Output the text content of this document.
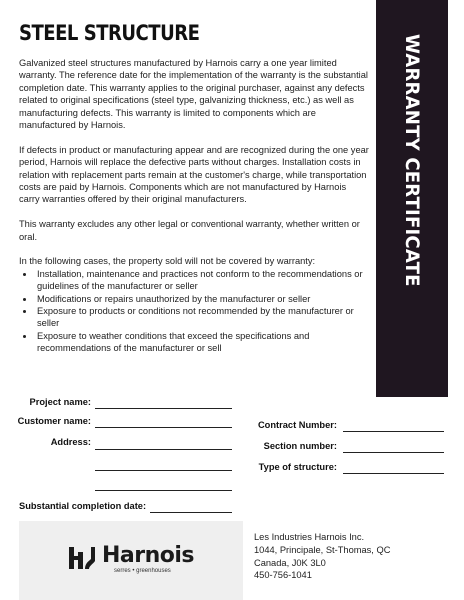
STEEL STRUCTURE
WARRANTY CERTIFICATE

Galvanized steel structures manufactured by Harnois carry a one year limited warranty. The reference date for the implementation of the warranty is the substantial completion date. This warranty applies to the original purchaser, against any defects related to original specifications (steel type, galvanizing thickness, etc.) as well as manufacturing defects. This warranty is limited to components which are manufactured by Harnois.

If defects in product or manufacturing appear and are recognized during the one year period, Harnois will replace the defective parts without charges. Installation costs in relation with replacement parts remain at the customer's charge, while transportation costs are paid by Harnois. Components which are not manufactured by Harnois carry warranties offered by their original manufacturers.

This warranty excludes any other legal or conventional warranty, whether written or oral.

In the following cases, the property sold will not be covered by warranty:
• Installation, maintenance and practices not conform to the recommendations or guidelines of the manufacturer or seller
• Modifications or repairs unauthorized by the manufacturer or seller
• Exposure to products or conditions not recommended by the manufacturer or seller
• Exposure to weather conditions that exceed the specifications and recommendations of the manufacturer or sell
Project name:
Customer name:
Address:
Substantial completion date:
Contract Number:
Section number:
Type of structure:
Harnois
serres • greenhouses
Les Industries Harnois Inc.
1044, Principale, St-Thomas, QC
Canada, J0K 3L0
450-756-1041
